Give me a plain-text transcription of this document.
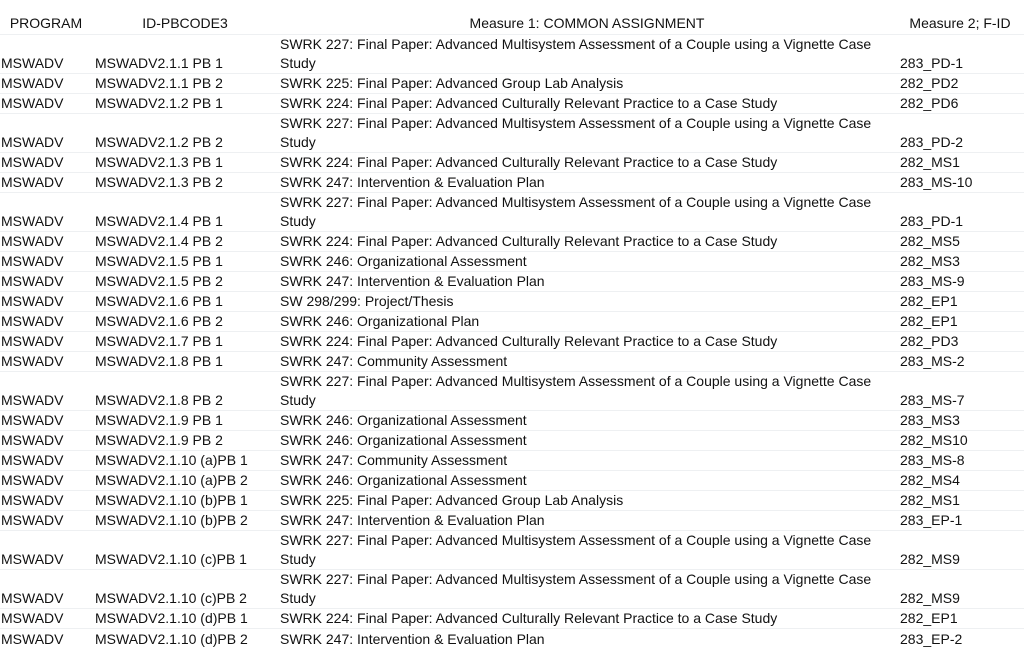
PROGRAM	ID-PBCODE3	Measure 1: COMMON ASSIGNMENT	Measure 2; F-ID
MSWADV	MSWADV2.1.1 PB 1	SWRK 227: Final Paper: Advanced Multisystem Assessment of a Couple using a Vignette Case Study	283_PD-1
MSWADV	MSWADV2.1.1 PB 2	SWRK 225: Final Paper: Advanced Group Lab Analysis	282_PD2
MSWADV	MSWADV2.1.2 PB 1	SWRK 224: Final Paper: Advanced Culturally Relevant Practice to a Case Study	282_PD6
MSWADV	MSWADV2.1.2 PB 2	SWRK 227: Final Paper: Advanced Multisystem Assessment of a Couple using a Vignette Case Study	283_PD-2
MSWADV	MSWADV2.1.3 PB 1	SWRK 224: Final Paper: Advanced Culturally Relevant Practice to a Case Study	282_MS1
MSWADV	MSWADV2.1.3 PB 2	SWRK 247: Intervention & Evaluation Plan	283_MS-10
MSWADV	MSWADV2.1.4 PB 1	SWRK 227: Final Paper: Advanced Multisystem Assessment of a Couple using a Vignette Case Study	283_PD-1
MSWADV	MSWADV2.1.4 PB 2	SWRK 224: Final Paper: Advanced Culturally Relevant Practice to a Case Study	282_MS5
MSWADV	MSWADV2.1.5 PB 1	SWRK 246: Organizational Assessment	282_MS3
MSWADV	MSWADV2.1.5 PB 2	SWRK 247: Intervention & Evaluation Plan	283_MS-9
MSWADV	MSWADV2.1.6 PB 1	SW 298/299: Project/Thesis	282_EP1
MSWADV	MSWADV2.1.6 PB 2	SWRK 246: Organizational Plan	282_EP1
MSWADV	MSWADV2.1.7 PB 1	SWRK 224: Final Paper: Advanced Culturally Relevant Practice to a Case Study	282_PD3
MSWADV	MSWADV2.1.8 PB 1	SWRK 247: Community Assessment	283_MS-2
MSWADV	MSWADV2.1.8 PB 2	SWRK 227: Final Paper: Advanced Multisystem Assessment of a Couple using a Vignette Case Study	283_MS-7
MSWADV	MSWADV2.1.9 PB 1	SWRK 246: Organizational Assessment	283_MS3
MSWADV	MSWADV2.1.9 PB 2	SWRK 246: Organizational Assessment	282_MS10
MSWADV	MSWADV2.1.10 (a)PB 1	SWRK 247: Community Assessment	283_MS-8
MSWADV	MSWADV2.1.10 (a)PB 2	SWRK 246: Organizational Assessment	282_MS4
MSWADV	MSWADV2.1.10 (b)PB 1	SWRK 225: Final Paper: Advanced Group Lab Analysis	282_MS1
MSWADV	MSWADV2.1.10 (b)PB 2	SWRK 247: Intervention & Evaluation Plan	283_EP-1
MSWADV	MSWADV2.1.10 (c)PB 1	SWRK 227: Final Paper: Advanced Multisystem Assessment of a Couple using a Vignette Case Study	282_MS9
MSWADV	MSWADV2.1.10 (c)PB 2	SWRK 227: Final Paper: Advanced Multisystem Assessment of a Couple using a Vignette Case Study	282_MS9
MSWADV	MSWADV2.1.10 (d)PB 1	SWRK 224: Final Paper: Advanced Culturally Relevant Practice to a Case Study	282_EP1
MSWADV	MSWADV2.1.10 (d)PB 2	SWRK 247: Intervention & Evaluation Plan	283_EP-2
